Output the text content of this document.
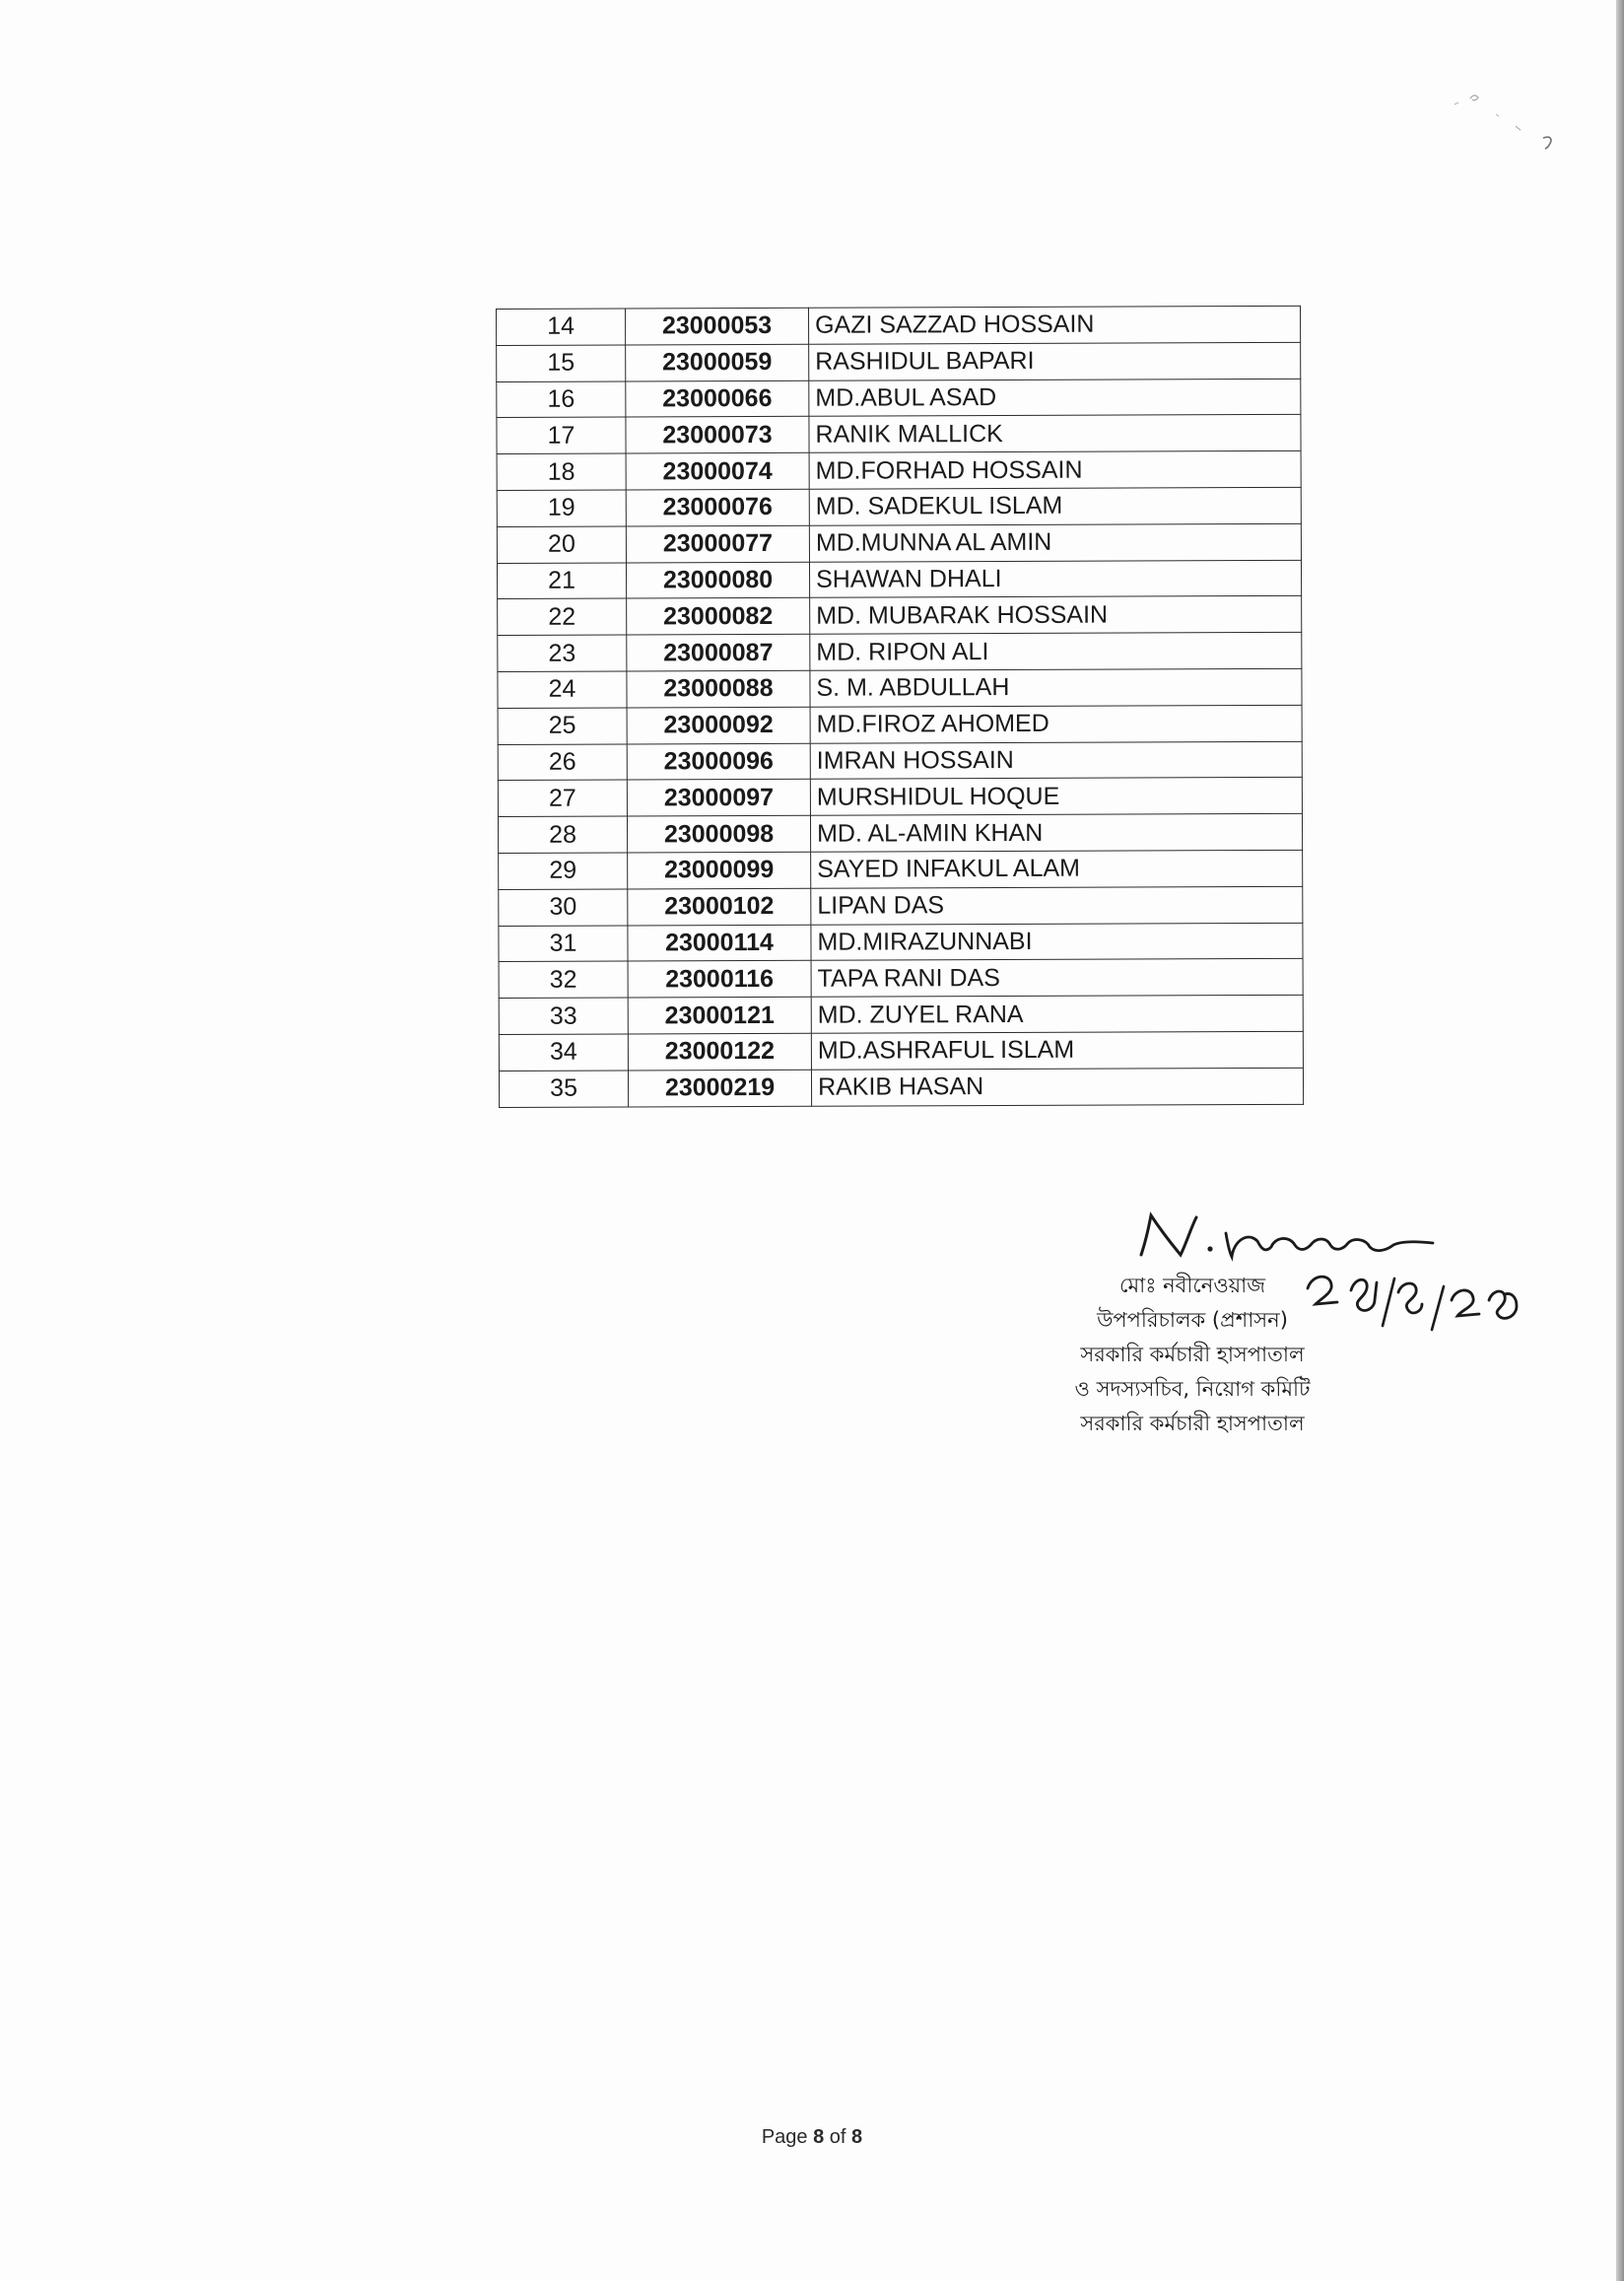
14	23000053	GAZI SAZZAD HOSSAIN
15	23000059	RASHIDUL BAPARI
16	23000066	MD.ABUL ASAD
17	23000073	RANIK MALLICK
18	23000074	MD.FORHAD HOSSAIN
19	23000076	MD. SADEKUL ISLAM
20	23000077	MD.MUNNA AL AMIN
21	23000080	SHAWAN DHALI
22	23000082	MD. MUBARAK HOSSAIN
23	23000087	MD. RIPON ALI
24	23000088	S. M. ABDULLAH
25	23000092	MD.FIROZ AHOMED
26	23000096	IMRAN HOSSAIN
27	23000097	MURSHIDUL HOQUE
28	23000098	MD. AL-AMIN KHAN
29	23000099	SAYED INFAKUL ALAM
30	23000102	LIPAN DAS
31	23000114	MD.MIRAZUNNABI
32	23000116	TAPA RANI DAS
33	23000121	MD. ZUYEL RANA
34	23000122	MD.ASHRAFUL ISLAM
35	23000219	RAKIB HASAN
মোঃ নবীনেওয়াজ
উপপরিচালক (প্রশাসন)
সরকারি কর্মচারী হাসপাতাল
ও সদস্যসচিব, নিয়োগ কমিটি
সরকারি কর্মচারী হাসপাতাল
Page 8 of 8
